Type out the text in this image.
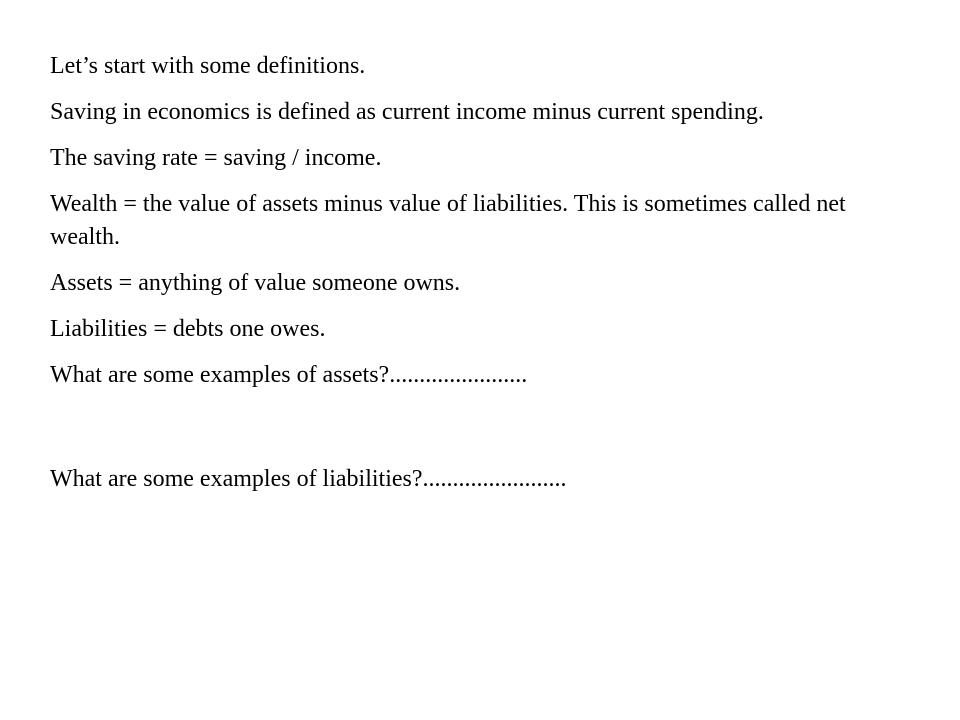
Let’s start with some definitions.

Saving in economics is defined as current income minus current spending.

The saving rate = saving / income.

Wealth = the value of assets minus value of liabilities. This is sometimes called net wealth.

Assets = anything of value someone owns.

Liabilities = debts one owes.

What are some examples of assets?.......................

What are some examples of liabilities?........................
